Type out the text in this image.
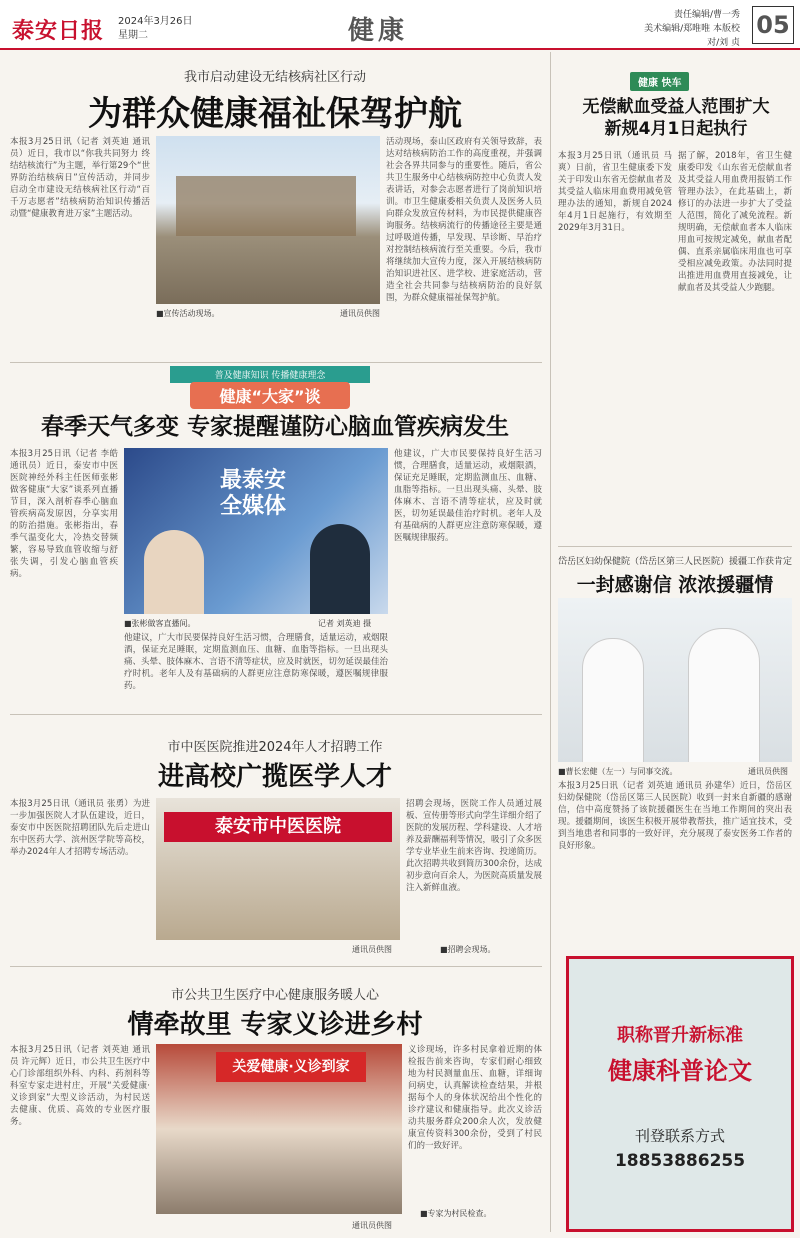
泰安日报 2024年3月26日
星期二	健康
责任编辑/曹一秀
美术编辑/郑唯唯 本版校对/刘 贞
05
我市启动建设无结核病社区行动
为群众健康福祉保驾护航
本报3月25日讯（记者 刘英迪 通讯员）近日，我市以“你我共同努力 终结结核流行”为主题，举行第29个“世界防治结核病日”宣传活动，并同步启动全市建设无结核病社区行动“百千万志愿者”结核病防治知识传播活动暨“健康教育进万家”主题活动。
■宣传活动现场。	通讯员供图
活动现场，泰山区政府有关领导致辞，表达对结核病防治工作的高度重视，并强调社会各界共同参与的重要性。随后，省公共卫生服务中心结核病防控中心负责人发表讲话，对参会志愿者进行了岗前知识培训。市卫生健康委相关负责人及医务人员向群众发放宣传材料，为市民提供健康咨询服务。结核病流行的传播途径主要是通过呼吸道传播，早发现、早诊断、早治疗对控制结核病流行至关重要。今后，我市将继续加大宣传力度，深入开展结核病防治知识进社区、进学校、进家庭活动，营造全社会共同参与结核病防治的良好氛围，为群众健康福祉保驾护航。
普及健康知识 传播健康理念
健康“大家”谈
春季天气多变 专家提醒谨防心脑血管疾病发生
本报3月25日讯（记者 李皓 通讯员）近日，泰安市中医医院神经外科主任医师张彬做客健康“大家”谈系列直播节目，深入剖析春季心脑血管疾病高发原因，分享实用的防治措施。张彬指出，春季气温变化大，冷热交替频繁，容易导致血管收缩与舒张失调，引发心脑血管疾病。
最泰安
全媒体
■张彬做客直播间。	记者 刘英迪 摄
他建议，广大市民要保持良好生活习惯，合理膳食，适量运动，戒烟限酒，保证充足睡眠，定期监测血压、血糖、血脂等指标。一旦出现头痛、头晕、肢体麻木、言语不清等症状，应及时就医，切勿延误最佳治疗时机。老年人及有基础病的人群更应注意防寒保暖，遵医嘱规律服药。
他建议，广大市民要保持良好生活习惯，合理膳食，适量运动，戒烟限酒，保证充足睡眠，定期监测血压、血糖、血脂等指标。一旦出现头痛、头晕、肢体麻木、言语不清等症状，应及时就医，切勿延误最佳治疗时机。老年人及有基础病的人群更应注意防寒保暖，遵医嘱规律服药。
市中医医院推进2024年人才招聘工作
进高校广揽医学人才
本报3月25日讯（通讯员 张勇）为进一步加强医院人才队伍建设，近日，泰安市中医医院招聘团队先后走进山东中医药大学、滨州医学院等高校，举办2024年人才招聘专场活动。
泰安市中医医院
通讯员供图	■招聘会现场。
招聘会现场，医院工作人员通过展板、宣传册等形式向学生详细介绍了医院的发展历程、学科建设、人才培养及薪酬福利等情况，吸引了众多医学专业毕业生前来咨询、投递简历。此次招聘共收到简历300余份，达成初步意向百余人，为医院高质量发展注入新鲜血液。
市公共卫生医疗中心健康服务暖人心
情牵故里 专家义诊进乡村
本报3月25日讯（记者 刘英迪 通讯员 许元辉）近日，市公共卫生医疗中心门诊部组织外科、内科、药剂科等科室专家走进村庄，开展“关爱健康·义诊到家”大型义诊活动，为村民送去健康、优质、高效的专业医疗服务。
关爱健康·义诊到家
通讯员供图
■专家为村民检查。
义诊现场，许多村民拿着近期的体检报告前来咨询，专家们耐心细致地为村民测量血压、血糖，详细询问病史，认真解读检查结果，并根据每个人的身体状况给出个性化的诊疗建议和健康指导。此次义诊活动共服务群众200余人次，发放健康宣传资料300余份，受到了村民们的一致好评。
健康 快车
无偿献血受益人范围扩大
新规4月1日起执行
本报3月25日讯（通讯员 马爽）日前，省卫生健康委下发关于印发山东省无偿献血者及其受益人临床用血费用减免管理办法的通知，新规自2024年4月1日起施行，有效期至2029年3月31日。
据了解，2018年，省卫生健康委印发《山东省无偿献血者及其受益人用血费用报销工作管理办法》，在此基础上，新修订的办法进一步扩大了受益人范围，简化了减免流程。新规明确，无偿献血者本人临床用血可按规定减免，献血者配偶、直系亲属临床用血也可享受相应减免政策。办法同时提出推进用血费用直接减免，让献血者及其受益人少跑腿。
岱岳区妇幼保健院（岱岳区第三人民医院）援疆工作获肯定
一封感谢信 浓浓援疆情
■曹长宏健（左一）与同事交流。	通讯员供图
本报3月25日讯（记者 刘英迪 通讯员 孙建华）近日，岱岳区妇幼保健院（岱岳区第三人民医院）收到一封来自新疆的感谢信，信中高度赞扬了该院援疆医生在当地工作期间的突出表现。援疆期间，该医生积极开展带教帮扶，推广适宜技术，受到当地患者和同事的一致好评，充分展现了泰安医务工作者的良好形象。
职称晋升新标准
健康科普论文
刊登联系方式
18853886255
